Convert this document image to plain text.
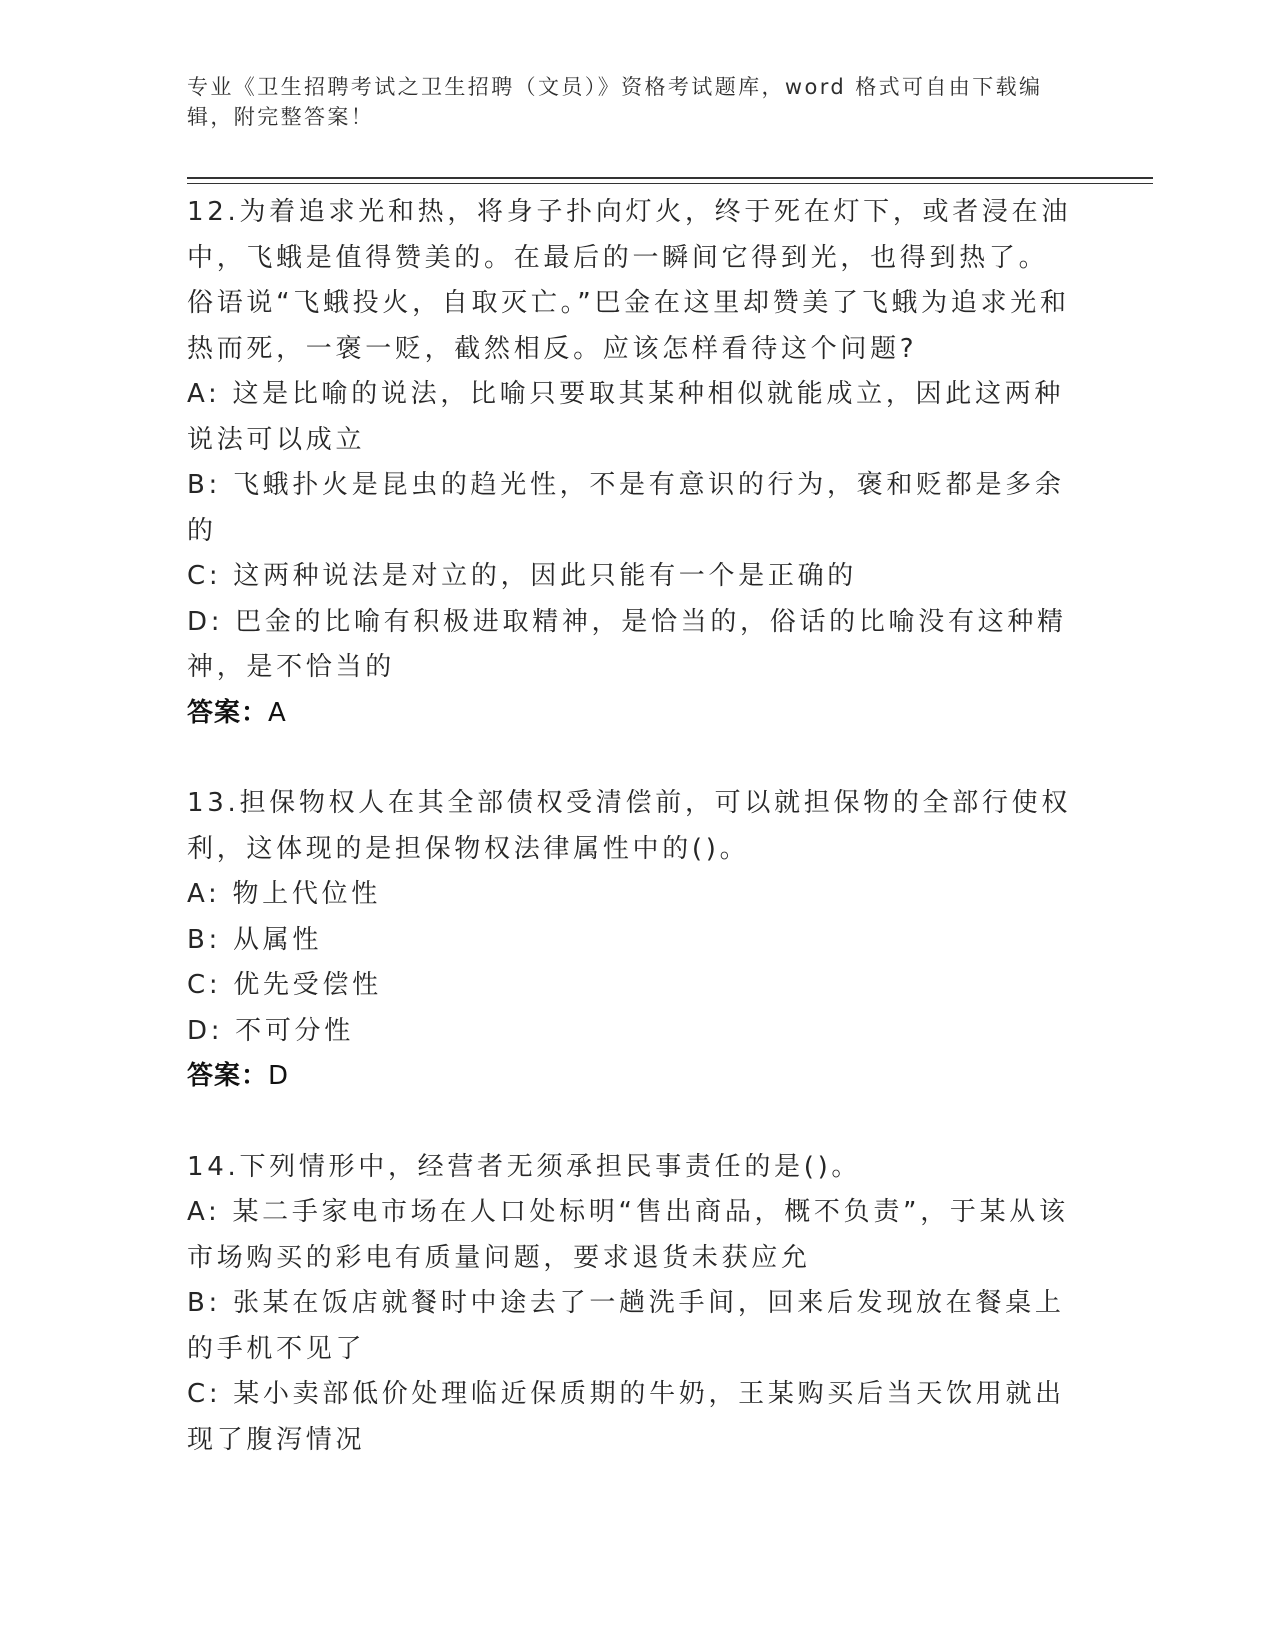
专业《卫生招聘考试之卫生招聘（文员）》资格考试题库，word 格式可自由下载编辑，附完整答案！
12.为着追求光和热，将身子扑向灯火，终于死在灯下，或者浸在油中，飞蛾是值得赞美的。在最后的一瞬间它得到光，也得到热了。俗语说“飞蛾投火，自取灭亡。”巴金在这里却赞美了飞蛾为追求光和热而死，一褒一贬，截然相反。应该怎样看待这个问题?
A: 这是比喻的说法，比喻只要取其某种相似就能成立，因此这两种说法可以成立
B: 飞蛾扑火是昆虫的趋光性，不是有意识的行为，褒和贬都是多余的
C: 这两种说法是对立的，因此只能有一个是正确的
D: 巴金的比喻有积极进取精神，是恰当的，俗话的比喻没有这种精神，是不恰当的
答案：A
13.担保物权人在其全部债权受清偿前，可以就担保物的全部行使权利，这体现的是担保物权法律属性中的()。
A: 物上代位性
B: 从属性
C: 优先受偿性
D: 不可分性
答案：D
14.下列情形中，经营者无须承担民事责任的是()。
A: 某二手家电市场在人口处标明“售出商品，概不负责”，于某从该市场购买的彩电有质量问题，要求退货未获应允
B: 张某在饭店就餐时中途去了一趟洗手间，回来后发现放在餐桌上的手机不见了
C: 某小卖部低价处理临近保质期的牛奶，王某购买后当天饮用就出现了腹泻情况
